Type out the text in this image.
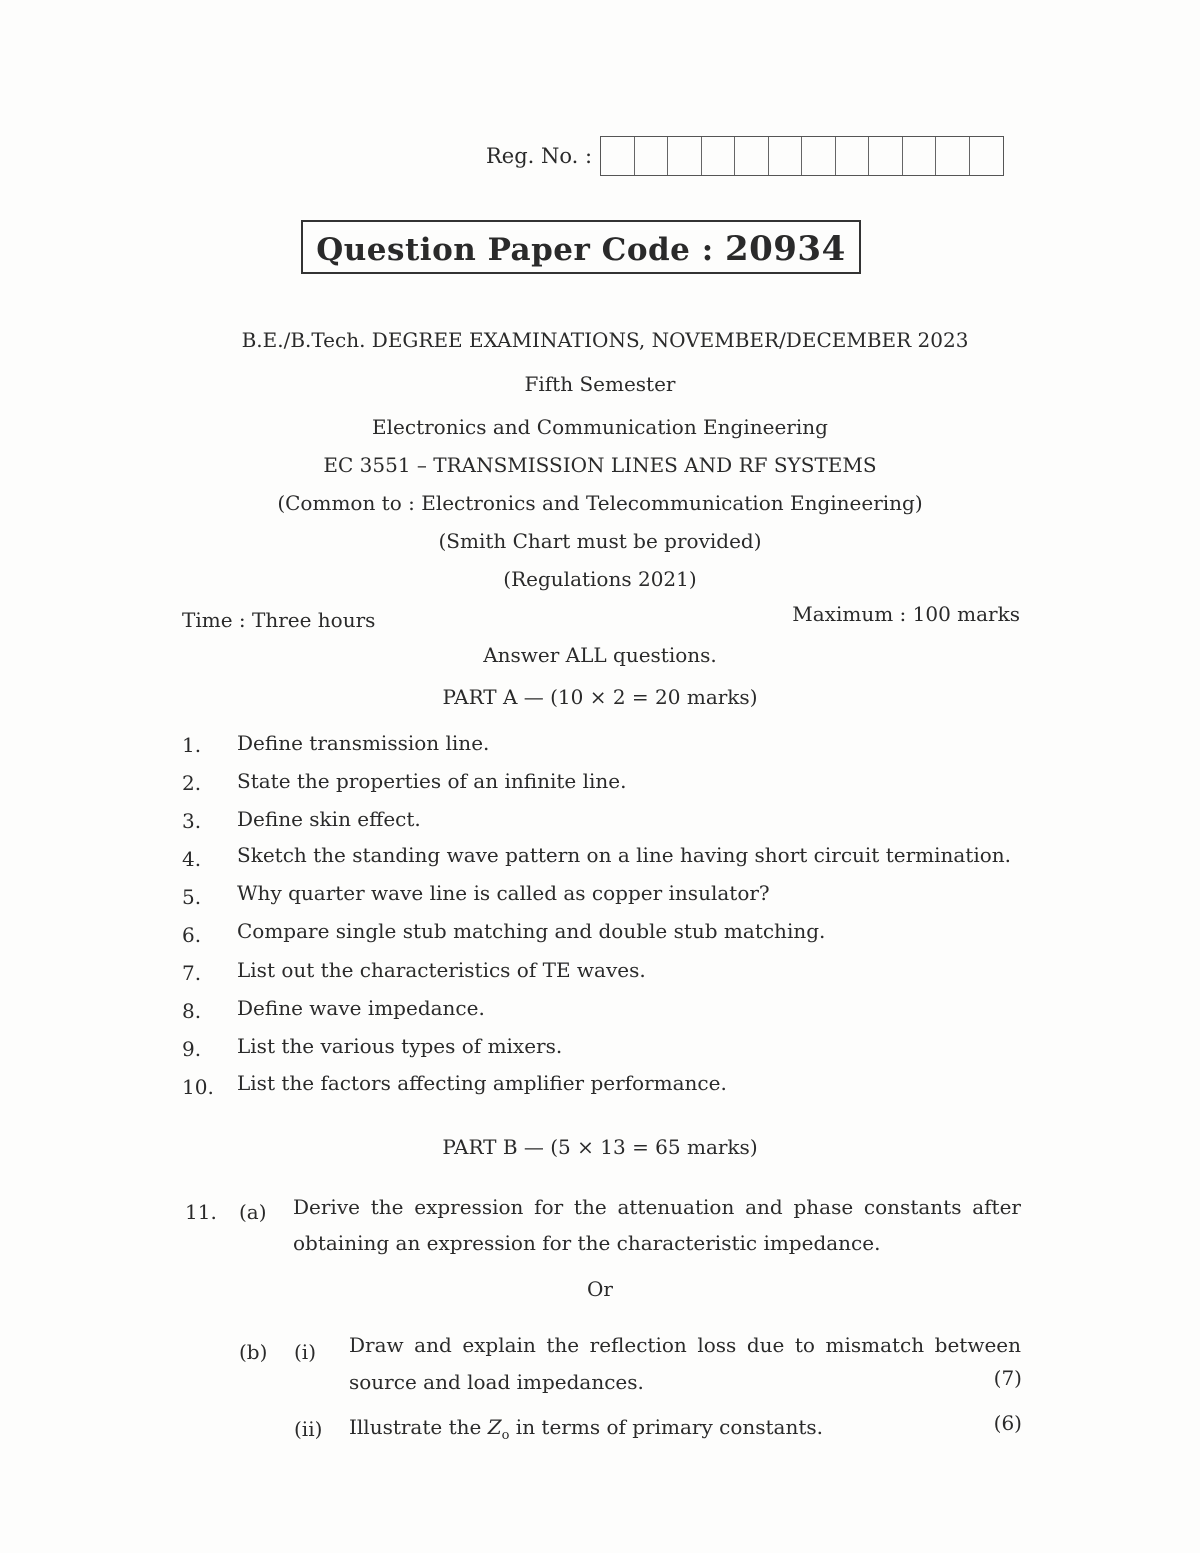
Reg. No. :
Question Paper Code : 20934
B.E./B.Tech. DEGREE EXAMINATIONS, NOVEMBER/DECEMBER 2023
Fifth Semester
Electronics and Communication Engineering
EC 3551 – TRANSMISSION LINES AND RF SYSTEMS
(Common to : Electronics and Telecommunication Engineering)
(Smith Chart must be provided)
(Regulations 2021)
Time : Three hours	Maximum : 100 marks
Answer ALL questions.
PART A — (10 × 2 = 20 marks)
1. Define transmission line.
2. State the properties of an infinite line.
3. Define skin effect.
4. Sketch the standing wave pattern on a line having short circuit termination.
5. Why quarter wave line is called as copper insulator?
6. Compare single stub matching and double stub matching.
7. List out the characteristics of TE waves.
8. Define wave impedance.
9. List the various types of mixers.
10. List the factors affecting amplifier performance.
PART B — (5 × 13 = 65 marks)
11. (a) Derive the expression for the attenuation and phase constants after
obtaining an expression for the characteristic impedance.
Or
(b) (i) Draw and explain the reflection loss due to mismatch between
source and load impedances.	(7)
(ii) Illustrate the $Z_o$ in terms of primary constants.	(6)
